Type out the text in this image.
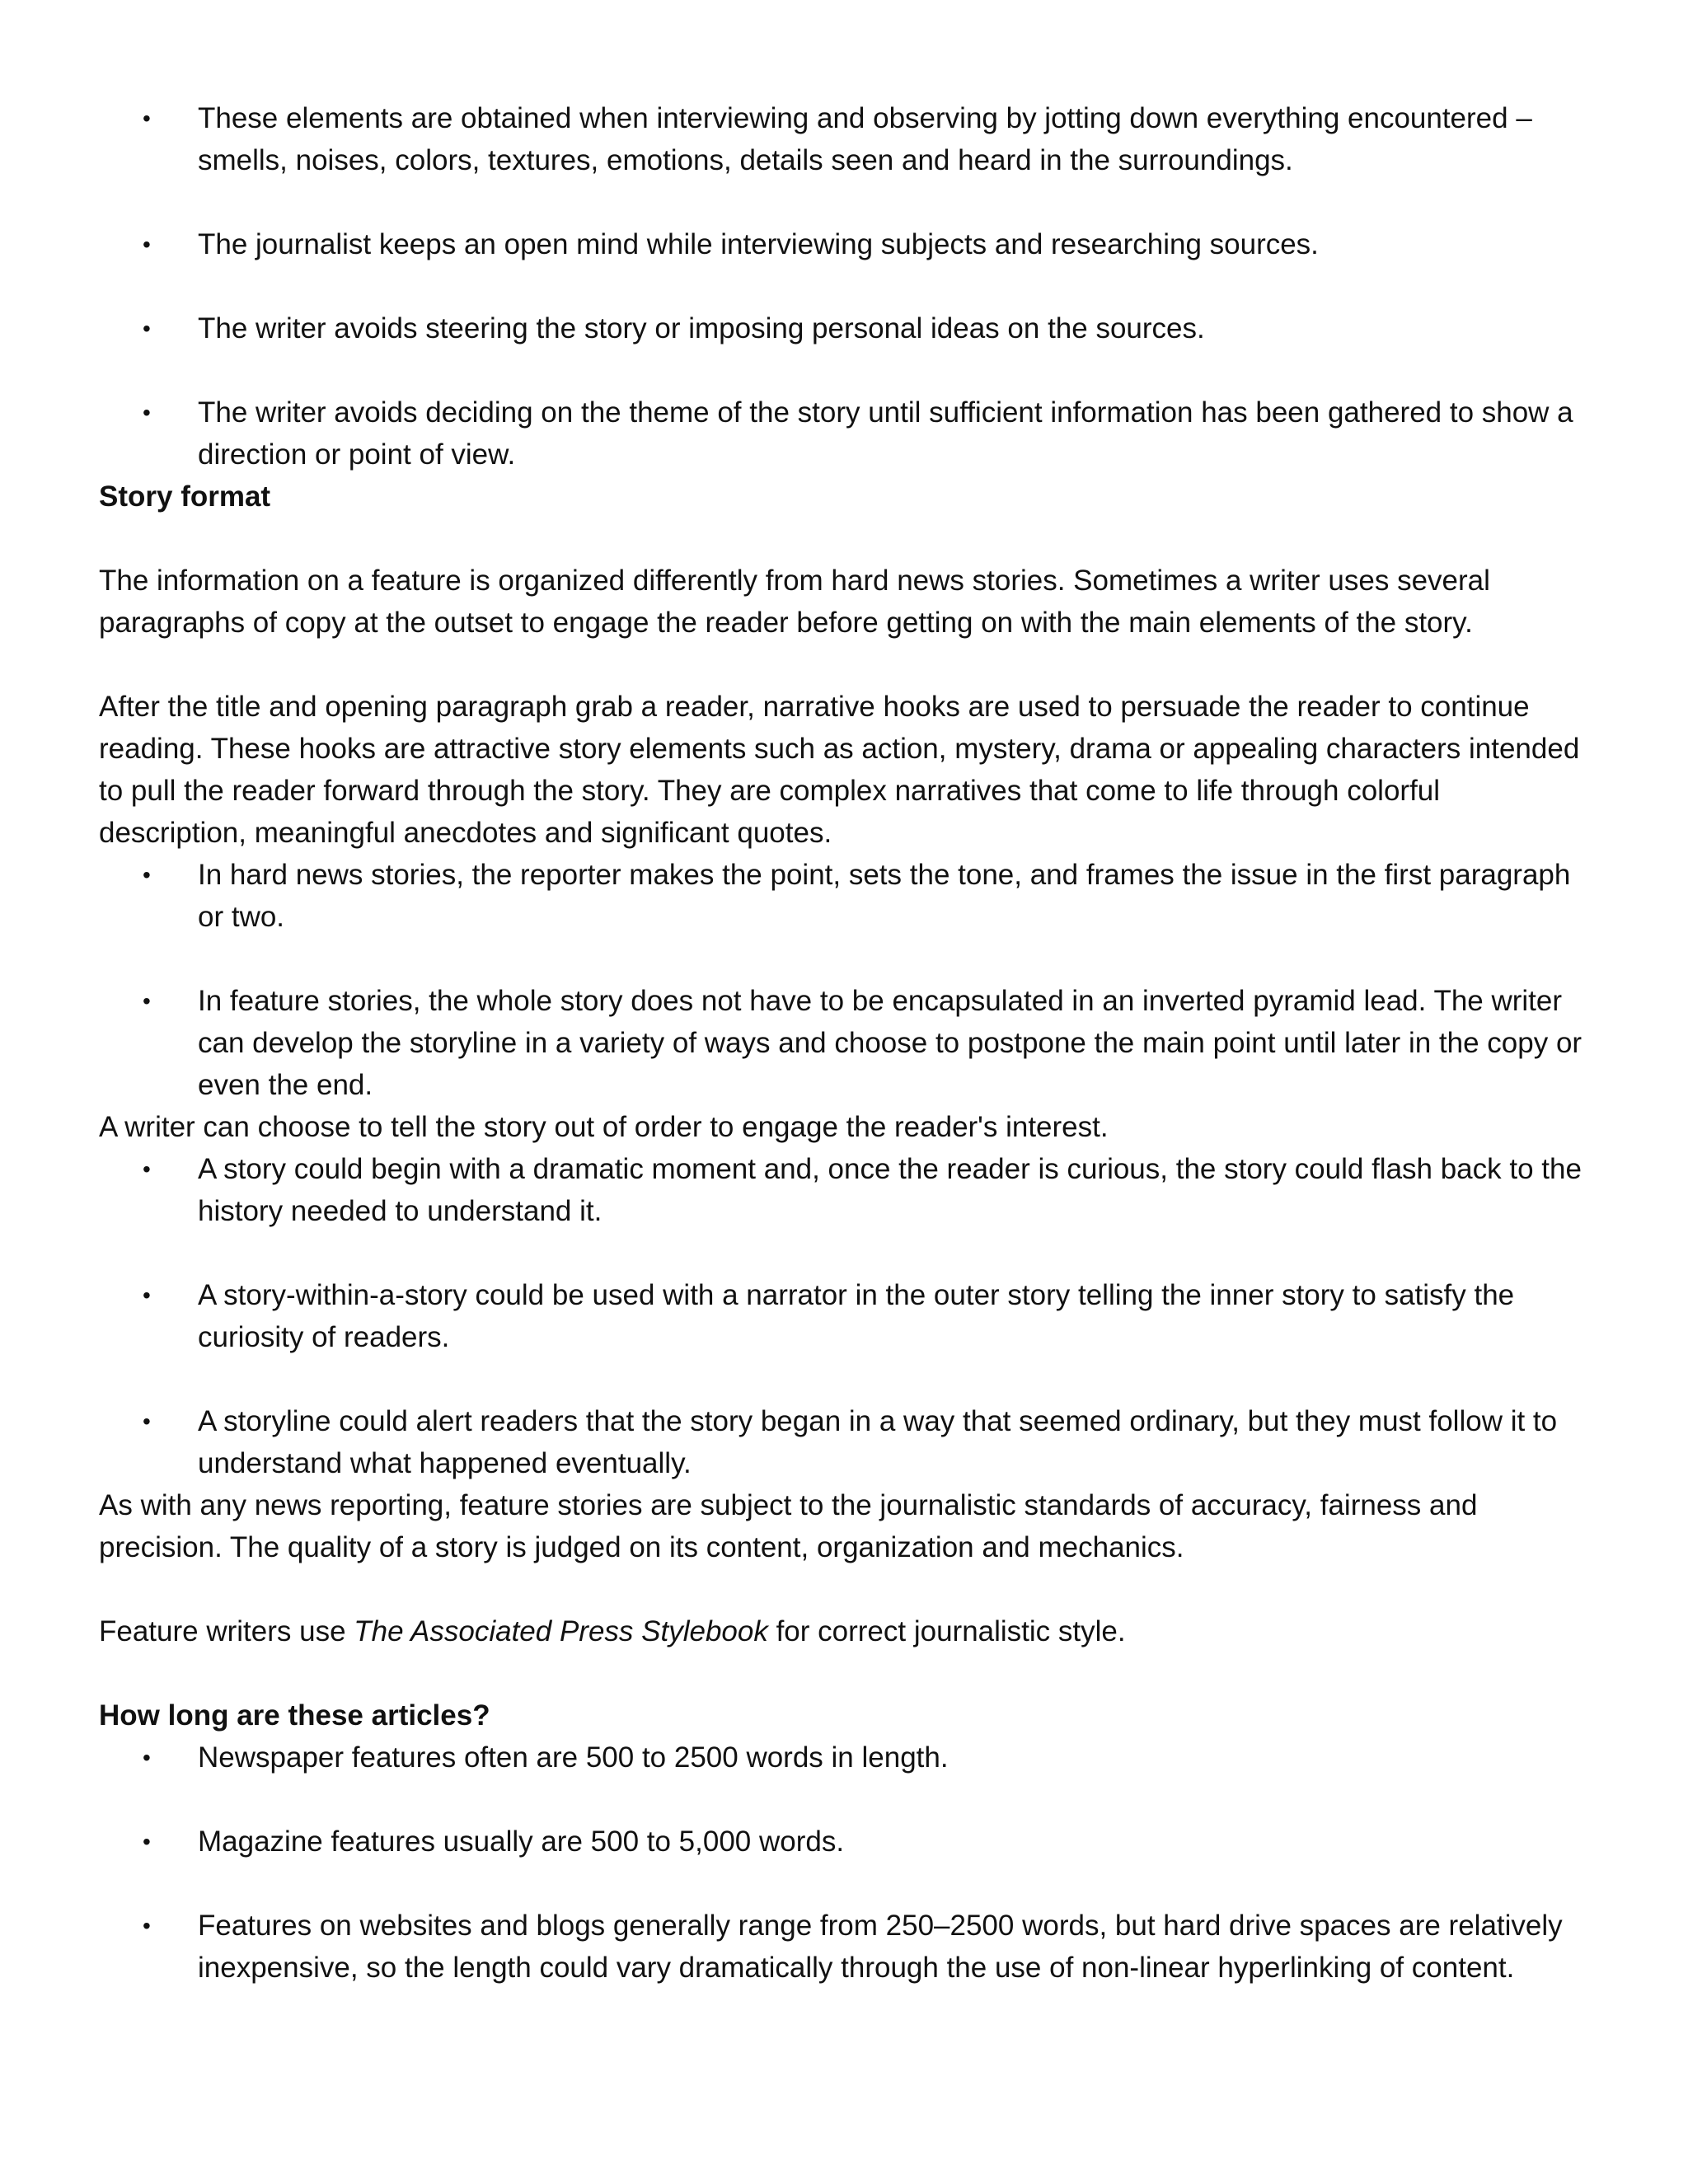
• These elements are obtained when interviewing and observing by jotting down everything encountered – smells, noises, colors, textures, emotions, details seen and heard in the surroundings.
• The journalist keeps an open mind while interviewing subjects and researching sources.
• The writer avoids steering the story or imposing personal ideas on the sources.
• The writer avoids deciding on the theme of the story until sufficient information has been gathered to show a direction or point of view.

Story format

The information on a feature is organized differently from hard news stories. Sometimes a writer uses several paragraphs of copy at the outset to engage the reader before getting on with the main elements of the story.

After the title and opening paragraph grab a reader, narrative hooks are used to persuade the reader to continue reading. These hooks are attractive story elements such as action, mystery, drama or appealing characters intended to pull the reader forward through the story. They are complex narratives that come to life through colorful description, meaningful anecdotes and significant quotes.

• In hard news stories, the reporter makes the point, sets the tone, and frames the issue in the first paragraph or two.
• In feature stories, the whole story does not have to be encapsulated in an inverted pyramid lead. The writer can develop the storyline in a variety of ways and choose to postpone the main point until later in the copy or even the end.

A writer can choose to tell the story out of order to engage the reader's interest.

• A story could begin with a dramatic moment and, once the reader is curious, the story could flash back to the history needed to understand it.
• A story-within-a-story could be used with a narrator in the outer story telling the inner story to satisfy the curiosity of readers.
• A storyline could alert readers that the story began in a way that seemed ordinary, but they must follow it to understand what happened eventually.

As with any news reporting, feature stories are subject to the journalistic standards of accuracy, fairness and precision. The quality of a story is judged on its content, organization and mechanics.

Feature writers use The Associated Press Stylebook for correct journalistic style.

How long are these articles?

• Newspaper features often are 500 to 2500 words in length.
• Magazine features usually are 500 to 5,000 words.
• Features on websites and blogs generally range from 250–2500 words, but hard drive spaces are relatively inexpensive, so the length could vary dramatically through the use of non-linear hyperlinking of content.
